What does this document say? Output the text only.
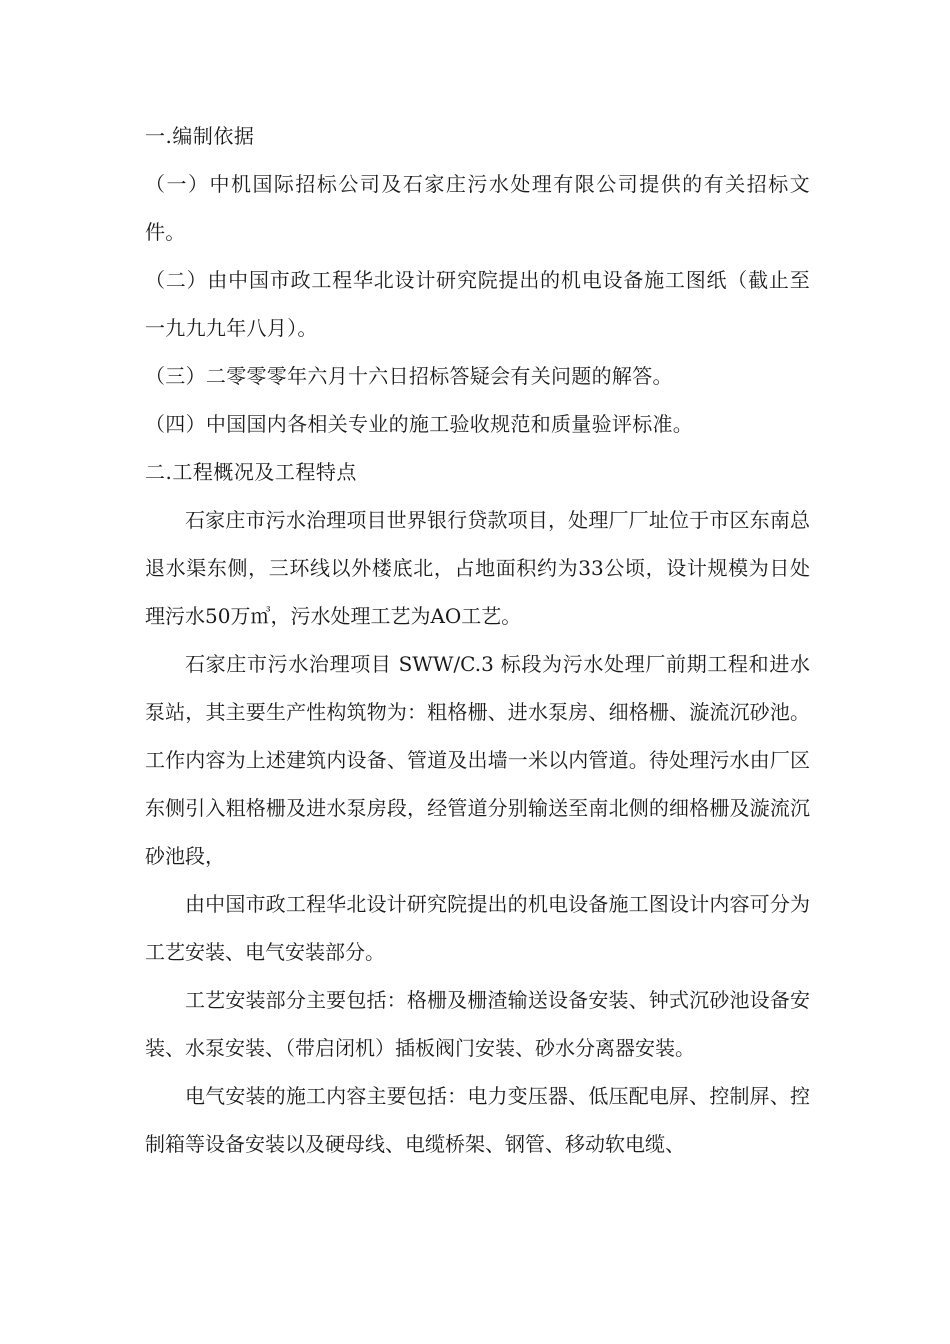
一.编制依据

（一）中机国际招标公司及石家庄污水处理有限公司提供的有关招标文件。

（二）由中国市政工程华北设计研究院提出的机电设备施工图纸（截止至一九九九年八月）。

（三）二零零零年六月十六日招标答疑会有关问题的解答。

（四）中国国内各相关专业的施工验收规范和质量验评标准。

二.工程概况及工程特点

石家庄市污水治理项目世界银行贷款项目，处理厂厂址位于市区东南总退水渠东侧，三环线以外楼底北，占地面积约为33公顷，设计规模为日处理污水50万㎥，污水处理工艺为AO工艺。

石家庄市污水治理项目 SWW/C.3 标段为污水处理厂前期工程和进水泵站，其主要生产性构筑物为：粗格栅、进水泵房、细格栅、漩流沉砂池。工作内容为上述建筑内设备、管道及出墙一米以内管道。待处理污水由厂区东侧引入粗格栅及进水泵房段，经管道分别输送至南北侧的细格栅及漩流沉砂池段，

由中国市政工程华北设计研究院提出的机电设备施工图设计内容可分为工艺安装、电气安装部分。

工艺安装部分主要包括：格栅及栅渣输送设备安装、钟式沉砂池设备安装、水泵安装、（带启闭机）插板阀门安装、砂水分离器安装。

电气安装的施工内容主要包括：电力变压器、低压配电屏、控制屏、控制箱等设备安装以及硬母线、电缆桥架、钢管、移动软电缆、
